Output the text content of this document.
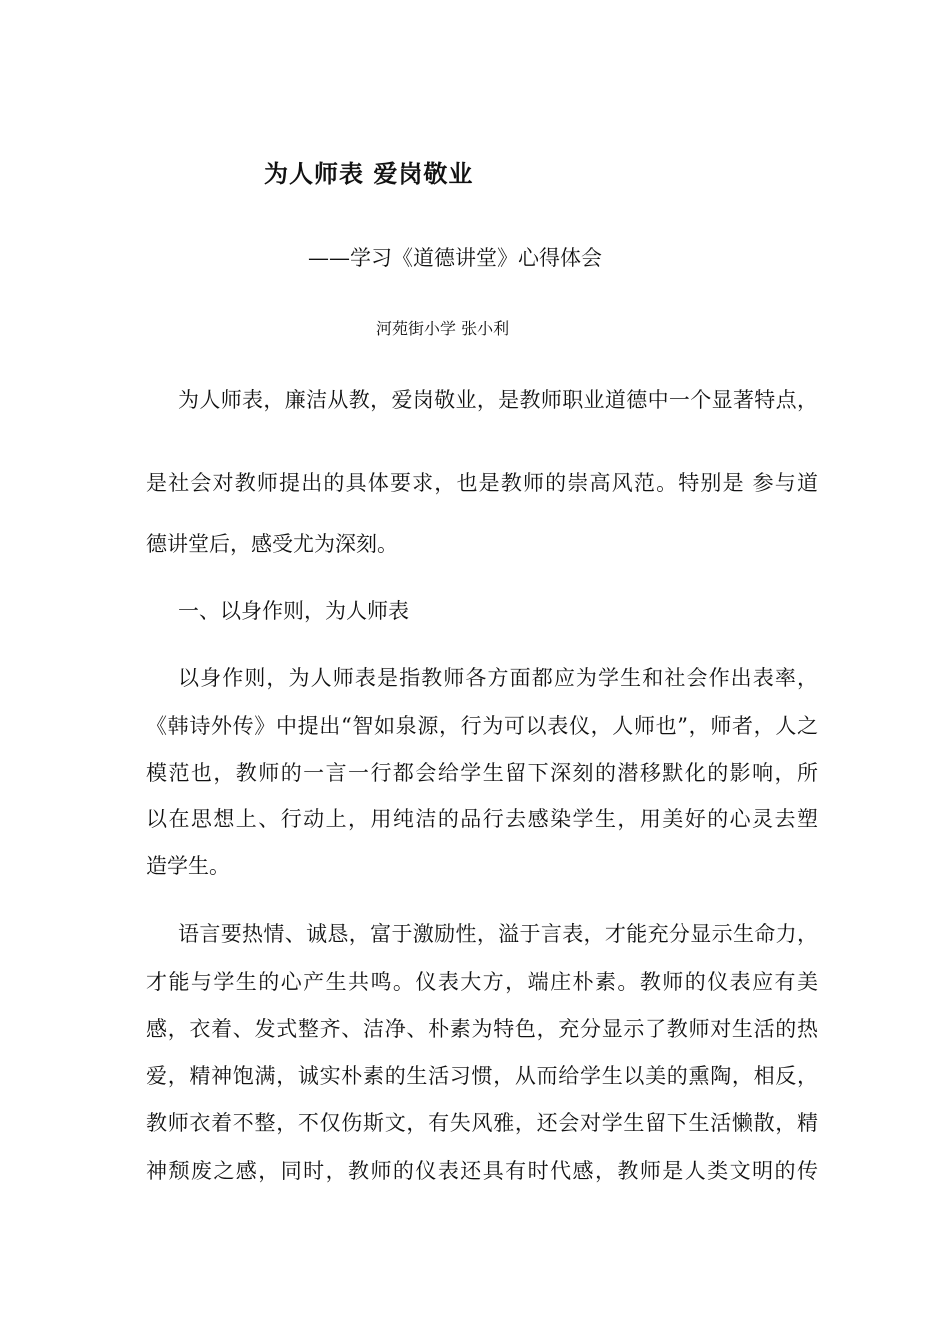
为人师表 爱岗敬业
——学习《道德讲堂》心得体会
河苑街小学 张小利
为人师表，廉洁从教，爱岗敬业，是教师职业道德中一个显著特点，
是社会对教师提出的具体要求，也是教师的崇高风范。特别是 参与道
德讲堂后，感受尤为深刻。
一、以身作则，为人师表
以身作则，为人师表是指教师各方面都应为学生和社会作出表率，
《韩诗外传》中提出“智如泉源，行为可以表仪，人师也”，师者，人之
模范也，教师的一言一行都会给学生留下深刻的潜移默化的影响，所
以在思想上、行动上，用纯洁的品行去感染学生，用美好的心灵去塑
造学生。
语言要热情、诚恳，富于激励性，溢于言表，才能充分显示生命力，
才能与学生的心产生共鸣。仪表大方，端庄朴素。教师的仪表应有美
感，衣着、发式整齐、洁净、朴素为特色，充分显示了教师对生活的热
爱，精神饱满，诚实朴素的生活习惯，从而给学生以美的熏陶，相反，
教师衣着不整，不仅伤斯文，有失风雅，还会对学生留下生活懒散，精
神颓废之感，同时，教师的仪表还具有时代感，教师是人类文明的传
